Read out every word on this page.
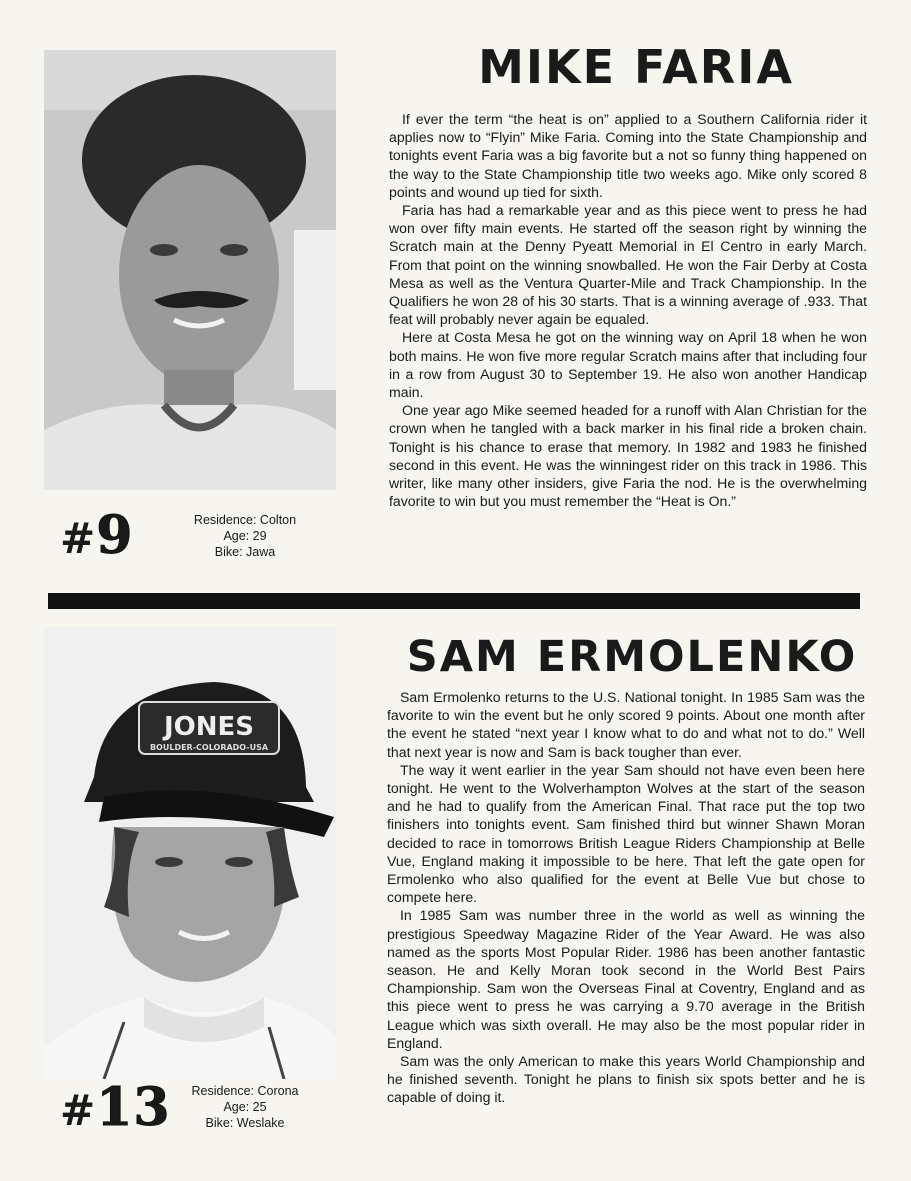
#9	Residence: Colton
Age: 29
Bike: Jawa
MIKE FARIA

If ever the term “the heat is on” applied to a Southern California rider it applies now to “Flyin” Mike Faria. Coming into the State Championship and tonights event Faria was a big favorite but a not so funny thing happened on the way to the State Championship title two weeks ago. Mike only scored 8 points and wound up tied for sixth.

Faria has had a remarkable year and as this piece went to press he had won over fifty main events. He started off the season right by winning the Scratch main at the Denny Pyeatt Memorial in El Centro in early March. From that point on the winning snowballed. He won the Fair Derby at Costa Mesa as well as the Ventura Quarter-Mile and Track Championship. In the Qualifiers he won 28 of his 30 starts. That is a winning average of .933. That feat will probably never again be equaled.

Here at Costa Mesa he got on the winning way on April 18 when he won both mains. He won five more regular Scratch mains after that including four in a row from August 30 to September 19. He also won another Handicap main.

One year ago Mike seemed headed for a runoff with Alan Christian for the crown when he tangled with a back marker in his final ride a broken chain. Tonight is his chance to erase that memory. In 1982 and 1983 he finished second in this event. He was the winningest rider on this track in 1986. This writer, like many other insiders, give Faria the nod. He is the overwhelming favorite to win but you must remember the “Heat is On.”

JONES
BOULDER-COLORADO-USA
#13	Residence: Corona
Age: 25
Bike: Weslake
SAM ERMOLENKO

Sam Ermolenko returns to the U.S. National tonight. In 1985 Sam was the favorite to win the event but he only scored 9 points. About one month after the event he stated “next year I know what to do and what not to do.” Well that next year is now and Sam is back tougher than ever.

The way it went earlier in the year Sam should not have even been here tonight. He went to the Wolverhampton Wolves at the start of the season and he had to qualify from the American Final. That race put the top two finishers into tonights event. Sam finished third but winner Shawn Moran decided to race in tomorrows British League Riders Championship at Belle Vue, England making it impossible to be here. That left the gate open for Ermolenko who also qualified for the event at Belle Vue but chose to compete here.

In 1985 Sam was number three in the world as well as winning the prestigious Speedway Magazine Rider of the Year Award. He was also named as the sports Most Popular Rider. 1986 has been another fantastic season. He and Kelly Moran took second in the World Best Pairs Championship. Sam won the Overseas Final at Coventry, England and as this piece went to press he was carrying a 9.70 average in the British League which was sixth overall. He may also be the most popular rider in England.

Sam was the only American to make this years World Championship and he finished seventh. Tonight he plans to finish six spots better and he is capable of doing it.
